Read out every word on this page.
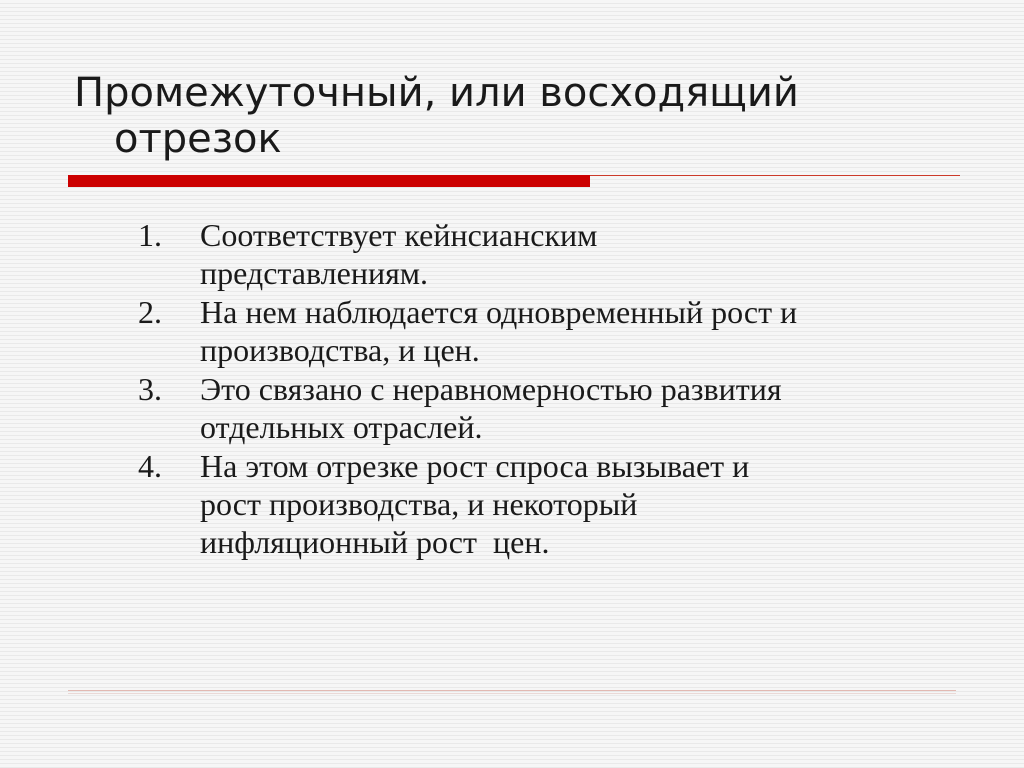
Промежуточный, или восходящий
отрезок
1. Соответствует кейнсианским
представлениям.
2. На нем наблюдается одновременный рост и
производства, и цен.
3. Это связано с неравномерностью развития
отдельных отраслей.
4. На этом отрезке рост спроса вызывает и
рост производства, и некоторый
инфляционный рост  цен.
